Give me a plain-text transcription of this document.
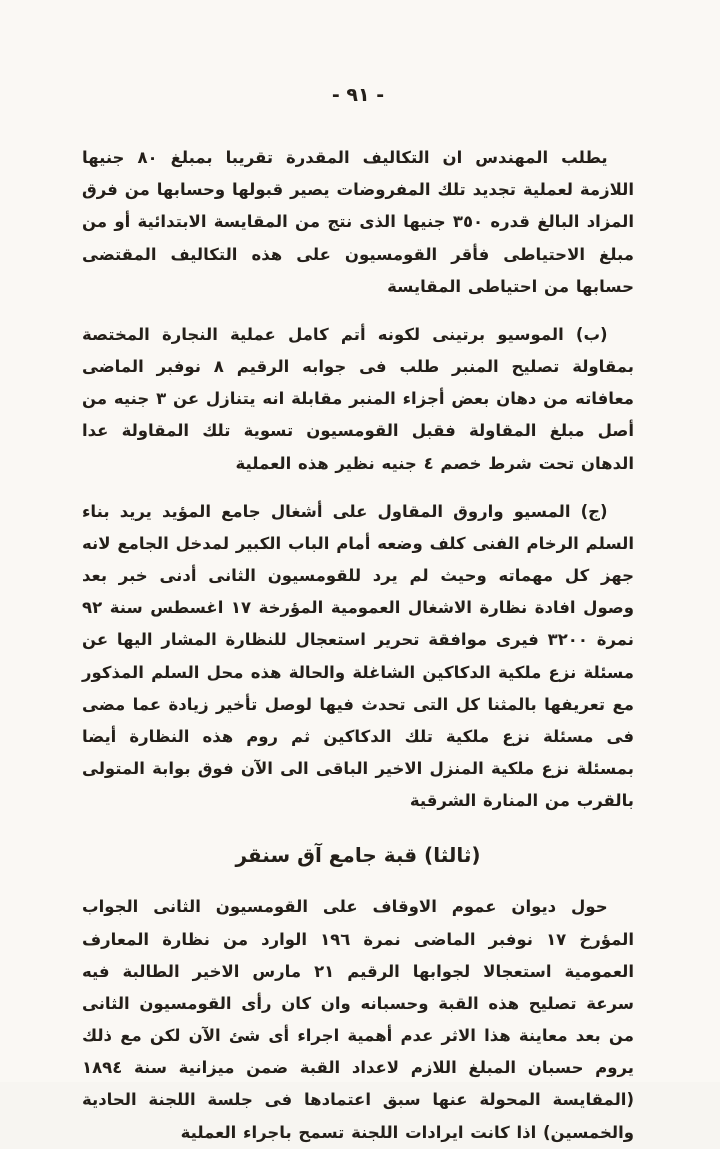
- ٩١ -

يطلب المهندس ان التكاليف المقدرة تقريبا بمبلغ ٨٠ جنيها اللازمة لعملية تجديد تلك المفروضات يصير قبولها وحسابها من فرق المزاد البالغ قدره ٣٥٠ جنيها الذى نتج من المقايسة الابتدائية أو من مبلغ الاحتياطى فأقر القومسيون على هذه التكاليف المقتضى حسابها من احتياطى المقايسة

(ب) الموسيو برتينى لكونه أتم كامل عملية النجارة المختصة بمقاولة تصليح المنبر طلب فى جوابه الرقيم ٨ نوفبر الماضى معافاته من دهان بعض أجزاء المنبر مقابلة انه يتنازل عن ٣ جنيه من أصل مبلغ المقاولة فقبل القومسيون تسوية تلك المقاولة عدا الدهان تحت شرط خصم ٤ جنيه نظير هذه العملية

(ج) المسيو واروق المقاول على أشغال جامع المؤيد يريد بناء السلم الرخام الفنى كلف وضعه أمام الباب الكبير لمدخل الجامع لانه جهز كل مهماته وحيث لم يرد للقومسيون الثانى أدنى خبر بعد وصول افادة نظارة الاشغال العمومية المؤرخة ١٧ اغسطس سنة ٩٢ نمرة ٣٢٠٠ فيرى موافقة تحرير استعجال للنظارة المشار اليها عن مسئلة نزع ملكية الدكاكين الشاغلة والحالة هذه محل السلم المذكور مع تعريفها بالمثنا كل التى تحدث فيها لوصل تأخير زيادة عما مضى فى مسئلة نزع ملكية تلك الدكاكين ثم روم هذه النظارة أيضا بمسئلة نزع ملكية المنزل الاخير الباقى الى الآن فوق بوابة المتولى بالقرب من المنارة الشرقية

(ثالثا) قبة جامع آق سنقر

حول ديوان عموم الاوقاف على القومسيون الثانى الجواب المؤرخ ١٧ نوفبر الماضى نمرة ١٩٦ الوارد من نظارة المعارف العمومية استعجالا لجوابها الرقيم ٢١ مارس الاخير الطالبة فيه سرعة تصليح هذه القبة وحسبانه وان كان رأى القومسيون الثانى من بعد معاينة هذا الاثر عدم أهمية اجراء أى شئ الآن لكن مع ذلك يروم حسبان المبلغ اللازم لاعداد القبة ضمن ميزانية سنة ١٨٩٤ (المقايسة المحولة عنها سبق اعتمادها فى جلسة اللجنة الحادية والخمسين) اذا كانت ايرادات اللجنة تسمح باجراء العملية
